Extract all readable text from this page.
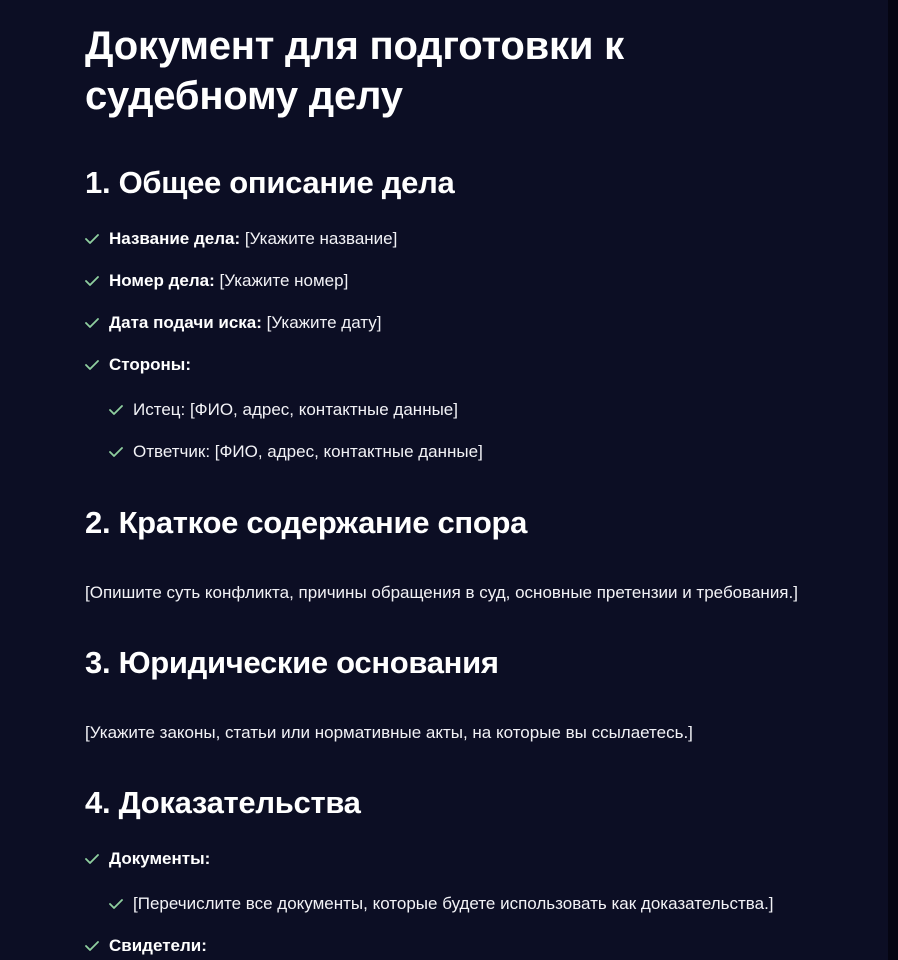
Документ для подготовки к судебному делу
1. Общее описание дела
Название дела: [Укажите название]
Номер дела: [Укажите номер]
Дата подачи иска: [Укажите дату]
Стороны:
Истец: [ФИО, адрес, контактные данные]
Ответчик: [ФИО, адрес, контактные данные]
2. Краткое содержание спора
[Опишите суть конфликта, причины обращения в суд, основные претензии и требования.]
3. Юридические основания
[Укажите законы, статьи или нормативные акты, на которые вы ссылаетесь.]
4. Доказательства
Документы:
[Перечислите все документы, которые будете использовать как доказательства.]
Свидетели:
